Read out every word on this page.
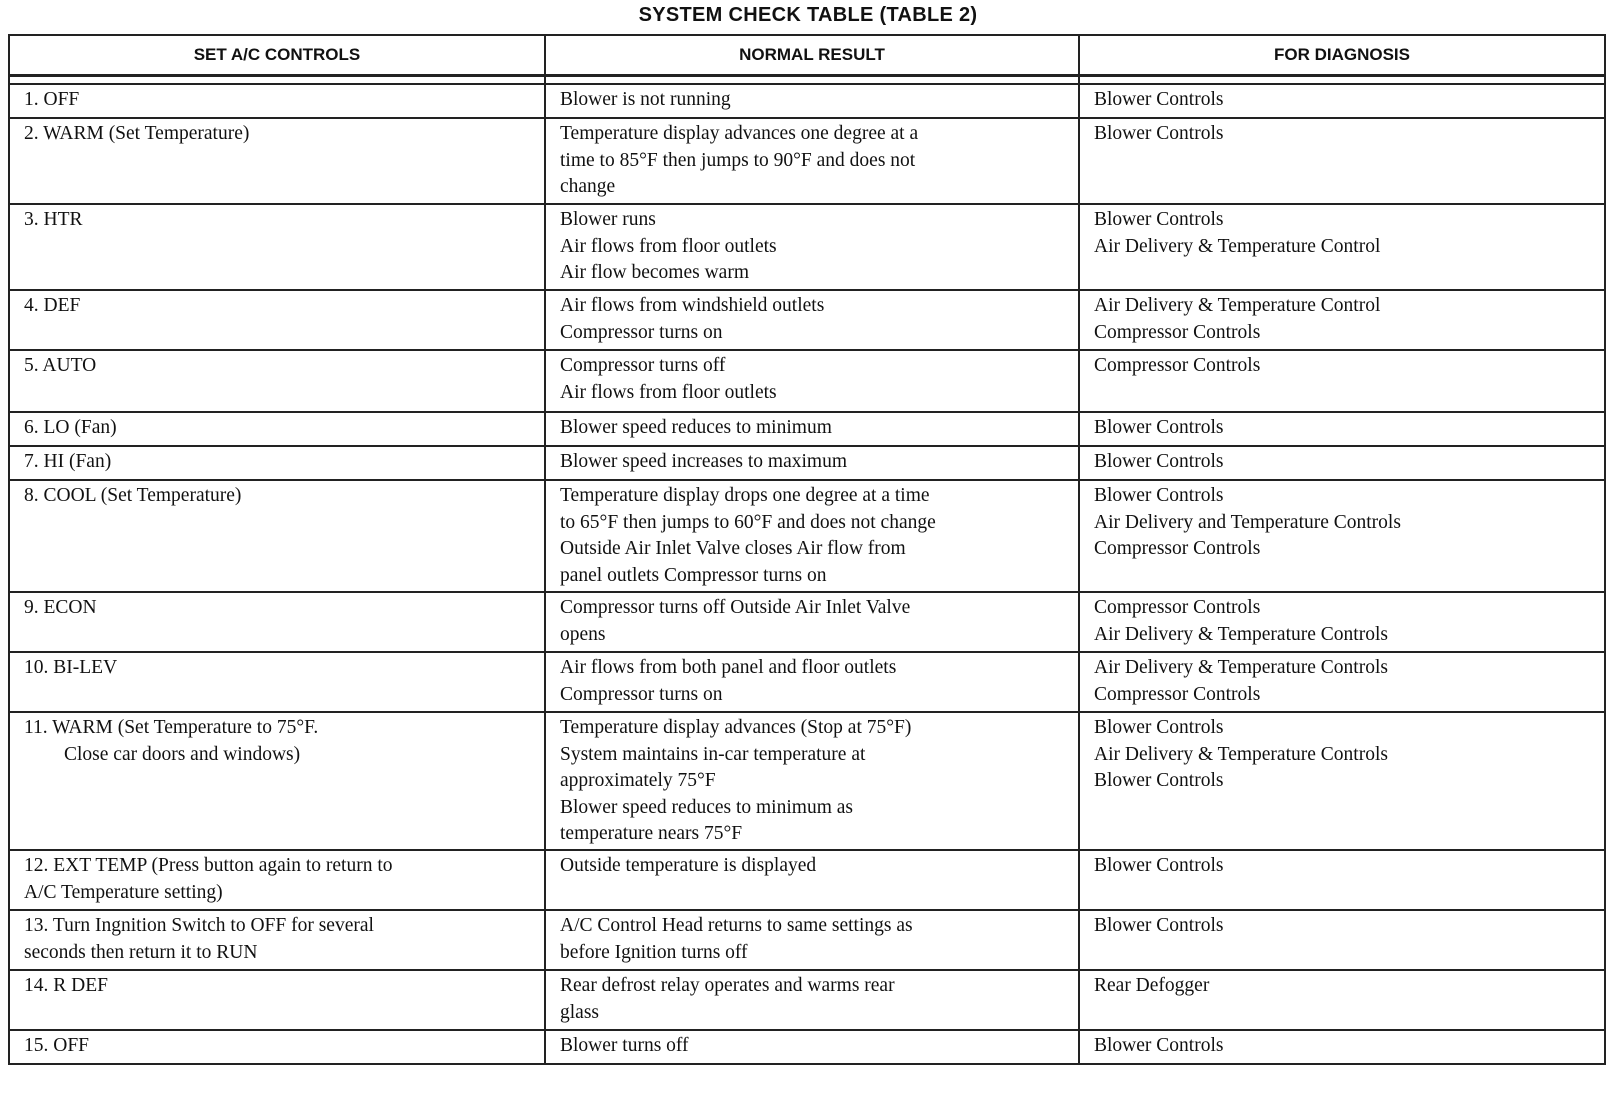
SYSTEM CHECK TABLE (TABLE 2)
SET A/C CONTROLS	NORMAL RESULT	FOR DIAGNOSIS

1. OFF	Blower is not running	Blower Controls

2. WARM (Set Temperature)	Temperature display advances one degree at a
time to 85°F then jumps to 90°F and does not
change	Blower Controls

3. HTR	Blower runs
Air flows from floor outlets
Air flow becomes warm	Blower Controls
Air Delivery & Temperature Control

4. DEF	Air flows from windshield outlets
Compressor turns on	Air Delivery & Temperature Control
Compressor Controls

5. AUTO	Compressor turns off
Air flows from floor outlets	Compressor Controls

6. LO (Fan)	Blower speed reduces to minimum	Blower Controls

7. HI (Fan)	Blower speed increases to maximum	Blower Controls

8. COOL (Set Temperature)	Temperature display drops one degree at a time
to 65°F then jumps to 60°F and does not change
Outside Air Inlet Valve closes Air flow from
panel outlets Compressor turns on	Blower Controls
Air Delivery and Temperature Controls
Compressor Controls

9. ECON	Compressor turns off Outside Air Inlet Valve
opens	Compressor Controls
Air Delivery & Temperature Controls

10. BI-LEV	Air flows from both panel and floor outlets
Compressor turns on	Air Delivery & Temperature Controls
Compressor Controls

11. WARM (Set Temperature to 75°F.
Close car doors and windows)	Temperature display advances (Stop at 75°F)
System maintains in-car temperature at
approximately 75°F
Blower speed reduces to minimum as
temperature nears 75°F	Blower Controls
Air Delivery & Temperature Controls
Blower Controls

12. EXT TEMP (Press button again to return to
A/C Temperature setting)	Outside temperature is displayed	Blower Controls

13. Turn Ingnition Switch to OFF for several
seconds then return it to RUN	A/C Control Head returns to same settings as
before Ignition turns off	Blower Controls

14. R DEF	Rear defrost relay operates and warms rear
glass	Rear Defogger

15. OFF	Blower turns off	Blower Controls
